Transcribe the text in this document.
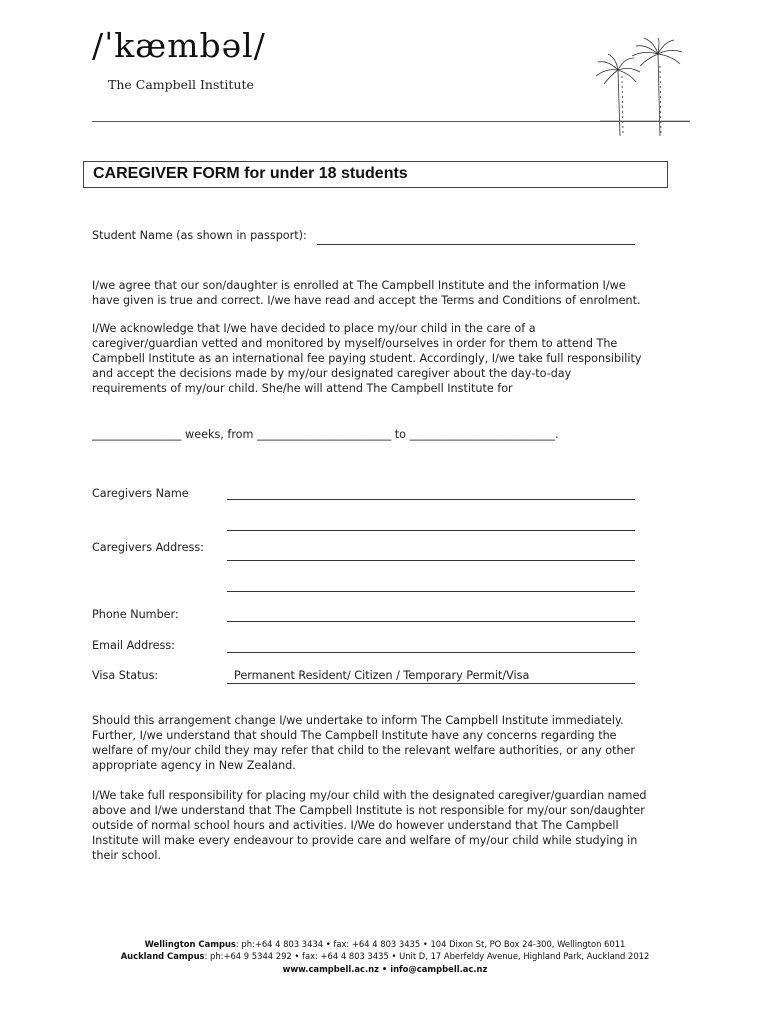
/ˈkæmbəl/
The Campbell Institute
CAREGIVER FORM for under 18 students
Student Name (as shown in passport):
I/we agree that our son/daughter is enrolled at The Campbell Institute and the information I/we
have given is true and correct. I/we have read and accept the Terms and Conditions of enrolment.
I/We acknowledge that I/we have decided to place my/our child in the care of a
caregiver/guardian vetted and monitored by myself/ourselves in order for them to attend The
Campbell Institute as an international fee paying student. Accordingly, I/we take full responsibility
and accept the decisions made by my/our designated caregiver about the day-to-day
requirements of my/our child. She/he will attend The Campbell Institute for
________________ weeks, from ________________________ to __________________________.
Caregivers Name
Caregivers Address:
Phone Number:
Email Address:
Visa Status:	Permanent Resident/ Citizen / Temporary Permit/Visa
Should this arrangement change I/we undertake to inform The Campbell Institute immediately.
Further, I/we understand that should The Campbell Institute have any concerns regarding the
welfare of my/our child they may refer that child to the relevant welfare authorities, or any other
appropriate agency in New Zealand.
I/We take full responsibility for placing my/our child with the designated caregiver/guardian named
above and I/we understand that The Campbell Institute is not responsible for my/our son/daughter
outside of normal school hours and activities. I/We do however understand that The Campbell
Institute will make every endeavour to provide care and welfare of my/our child while studying in
their school.
Wellington Campus: ph:+64 4 803 3434 • fax: +64 4 803 3435 • 104 Dixon St, PO Box 24-300, Wellington 6011
Auckland Campus: ph:+64 9 5344 292 • fax: +64 4 803 3435 • Unit D, 17 Aberfeldy Avenue, Highland Park, Auckland 2012
www.campbell.ac.nz • info@campbell.ac.nz
